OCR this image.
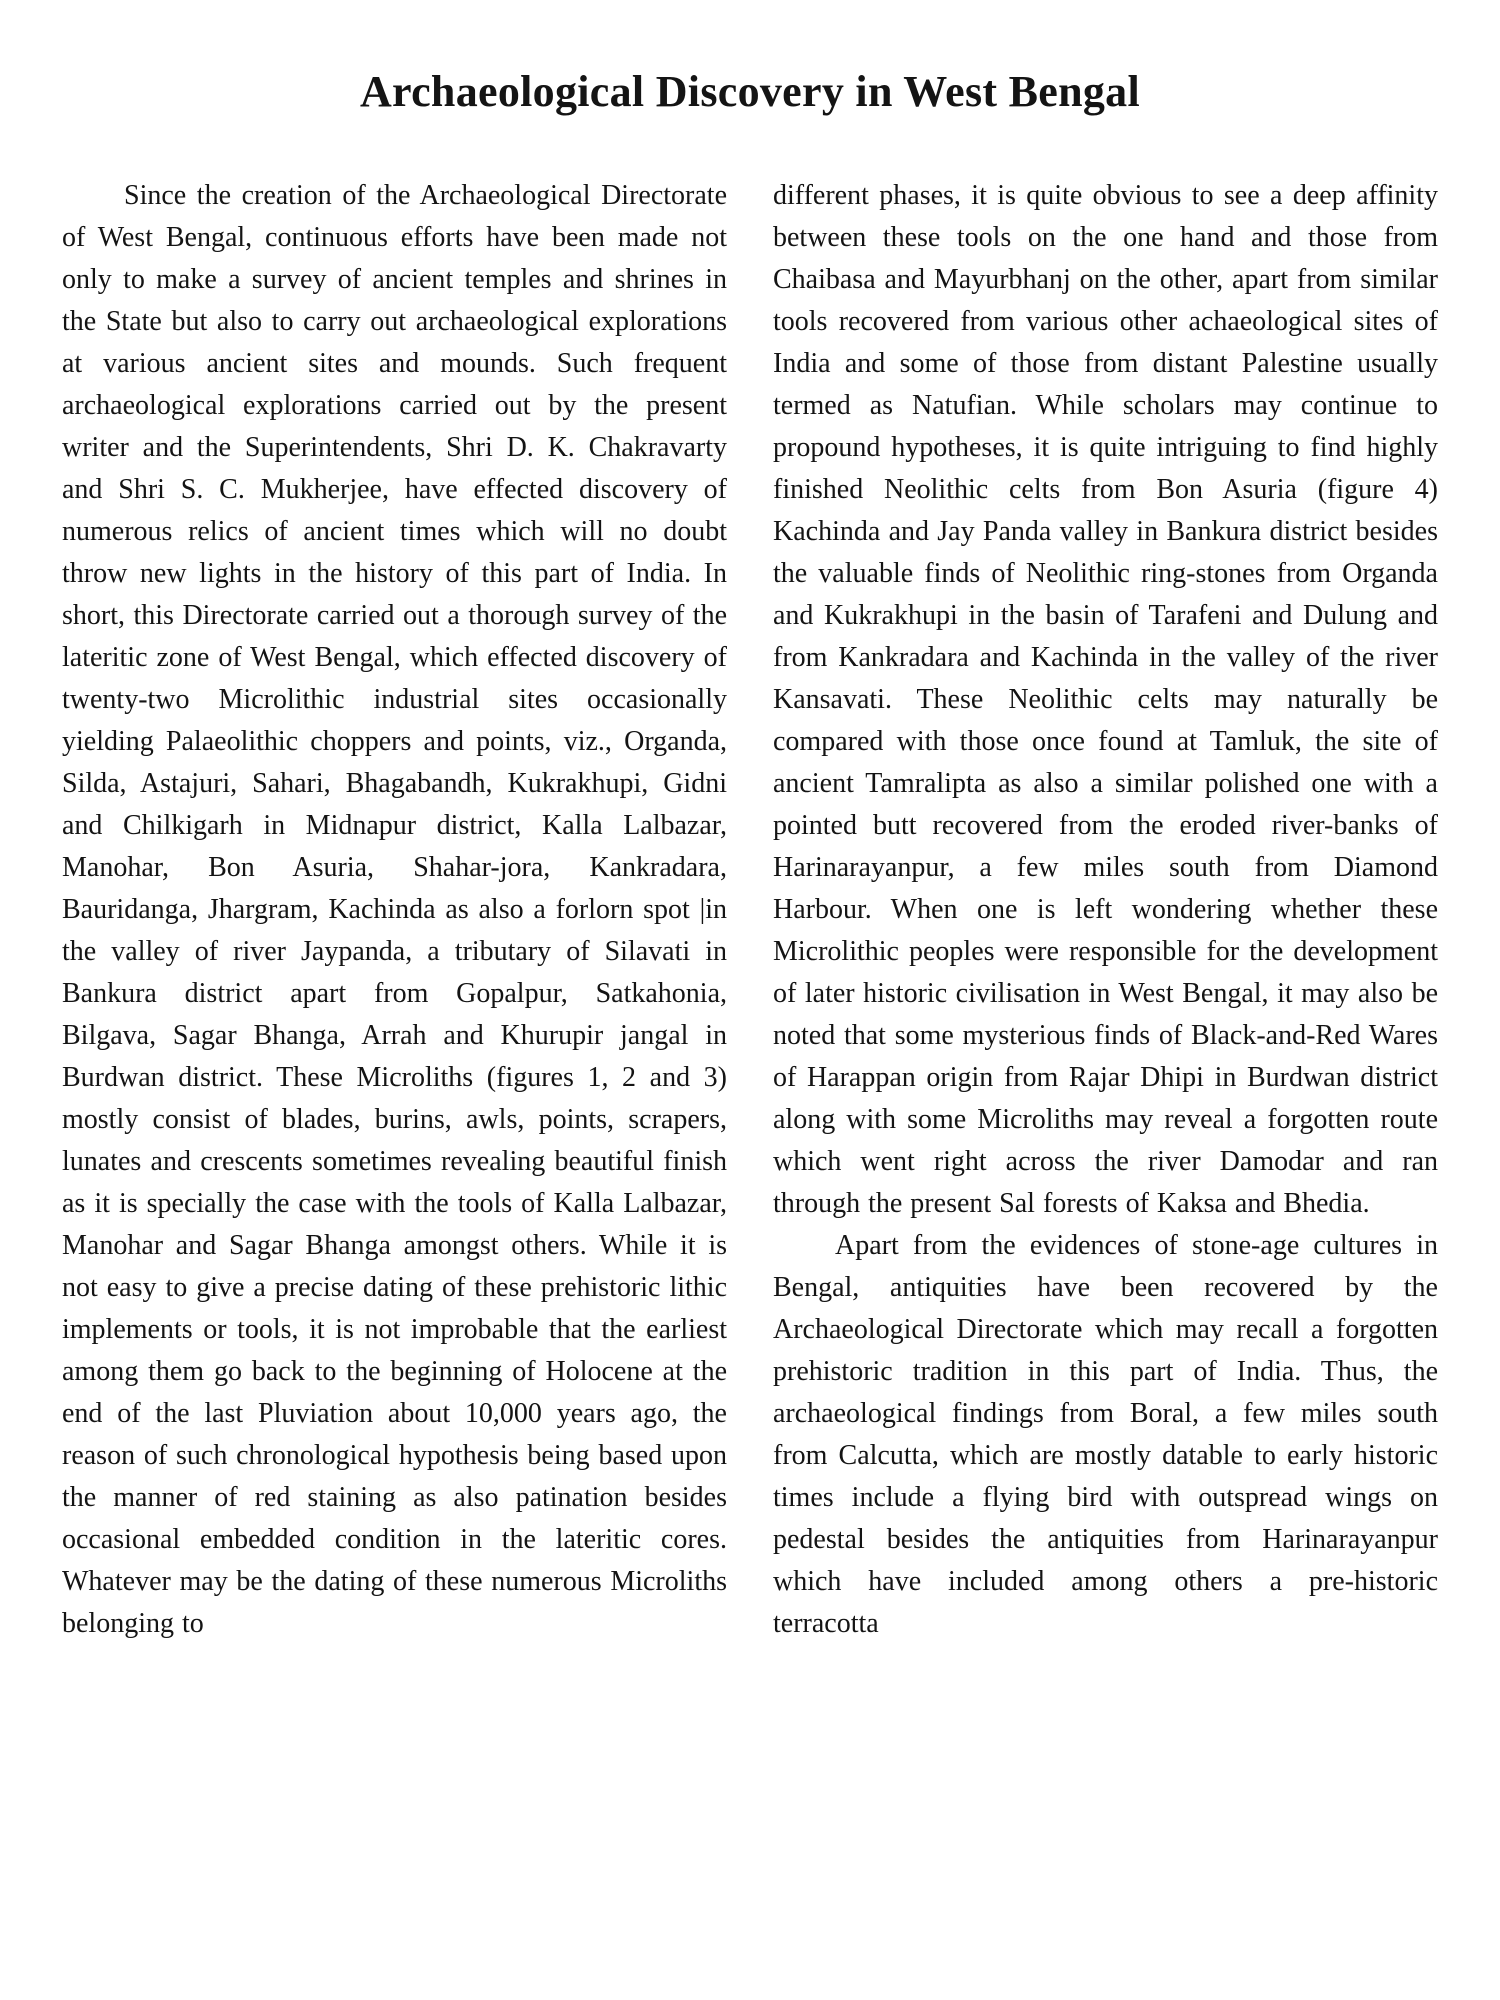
Archaeological Discovery in West Bengal

Since the creation of the Archaeological Directorate of West Bengal, continuous efforts have been made not only to make a survey of ancient temples and shrines in the State but also to carry out archaeological explorations at various ancient sites and mounds. Such frequent archaeological explorations carried out by the present writer and the Superintendents, Shri D. K. Chakravarty and Shri S. C. Mukherjee, have effected discovery of numerous relics of ancient times which will no doubt throw new lights in the history of this part of India. In short, this Directorate carried out a thorough survey of the lateritic zone of West Bengal, which effected discovery of twenty-two Microlithic industrial sites occasionally yielding Palaeolithic choppers and points, viz., Organda, Silda, Astajuri, Sahari, Bhagabandh, Kukrakhupi, Gidni and Chilkigarh in Midnapur district, Kalla Lalbazar, Manohar, Bon Asuria, Shahar-jora, Kankradara, Bauridanga, Jhargram, Kachinda as also a forlorn spot |in the valley of river Jaypanda, a tributary of Silavati in Bankura district apart from Gopalpur, Satkahonia, Bilgava, Sagar Bhanga, Arrah and Khurupir jangal in Burdwan district. These Microliths (figures 1, 2 and 3) mostly consist of blades, burins, awls, points, scrapers, lunates and crescents sometimes revealing beautiful finish as it is specially the case with the tools of Kalla Lalbazar, Manohar and Sagar Bhanga amongst others. While it is not easy to give a precise dating of these prehistoric lithic implements or tools, it is not improbable that the earliest among them go back to the beginning of Holocene at the end of the last Pluviation about 10,000 years ago, the reason of such chronological hypothesis being based upon the manner of red staining as also patination besides occasional embedded condition in the lateritic cores. Whatever may be the dating of these numerous Microliths belonging to

different phases, it is quite obvious to see a deep affinity between these tools on the one hand and those from Chaibasa and Mayurbhanj on the other, apart from similar tools recovered from various other achaeological sites of India and some of those from distant Palestine usually termed as Natufian. While scholars may continue to propound hypotheses, it is quite intriguing to find highly finished Neolithic celts from Bon Asuria (figure 4) Kachinda and Jay Panda valley in Bankura district besides the valuable finds of Neolithic ring-stones from Organda and Kukrakhupi in the basin of Tarafeni and Dulung and from Kankradara and Kachinda in the valley of the river Kansavati. These Neolithic celts may naturally be compared with those once found at Tamluk, the site of ancient Tamralipta as also a similar polished one with a pointed butt recovered from the eroded river-banks of Harinarayanpur, a few miles south from Diamond Harbour. When one is left wondering whether these Microlithic peoples were responsible for the development of later historic civilisation in West Bengal, it may also be noted that some mysterious finds of Black-and-Red Wares of Harappan origin from Rajar Dhipi in Burdwan district along with some Microliths may reveal a forgotten route which went right across the river Damodar and ran through the present Sal forests of Kaksa and Bhedia.

Apart from the evidences of stone-age cultures in Bengal, antiquities have been recovered by the Archaeological Directorate which may recall a forgotten prehistoric tradition in this part of India. Thus, the archaeological findings from Boral, a few miles south from Calcutta, which are mostly datable to early historic times include a flying bird with outspread wings on pedestal besides the antiquities from Harinarayanpur which have included among others a pre-historic terracotta
